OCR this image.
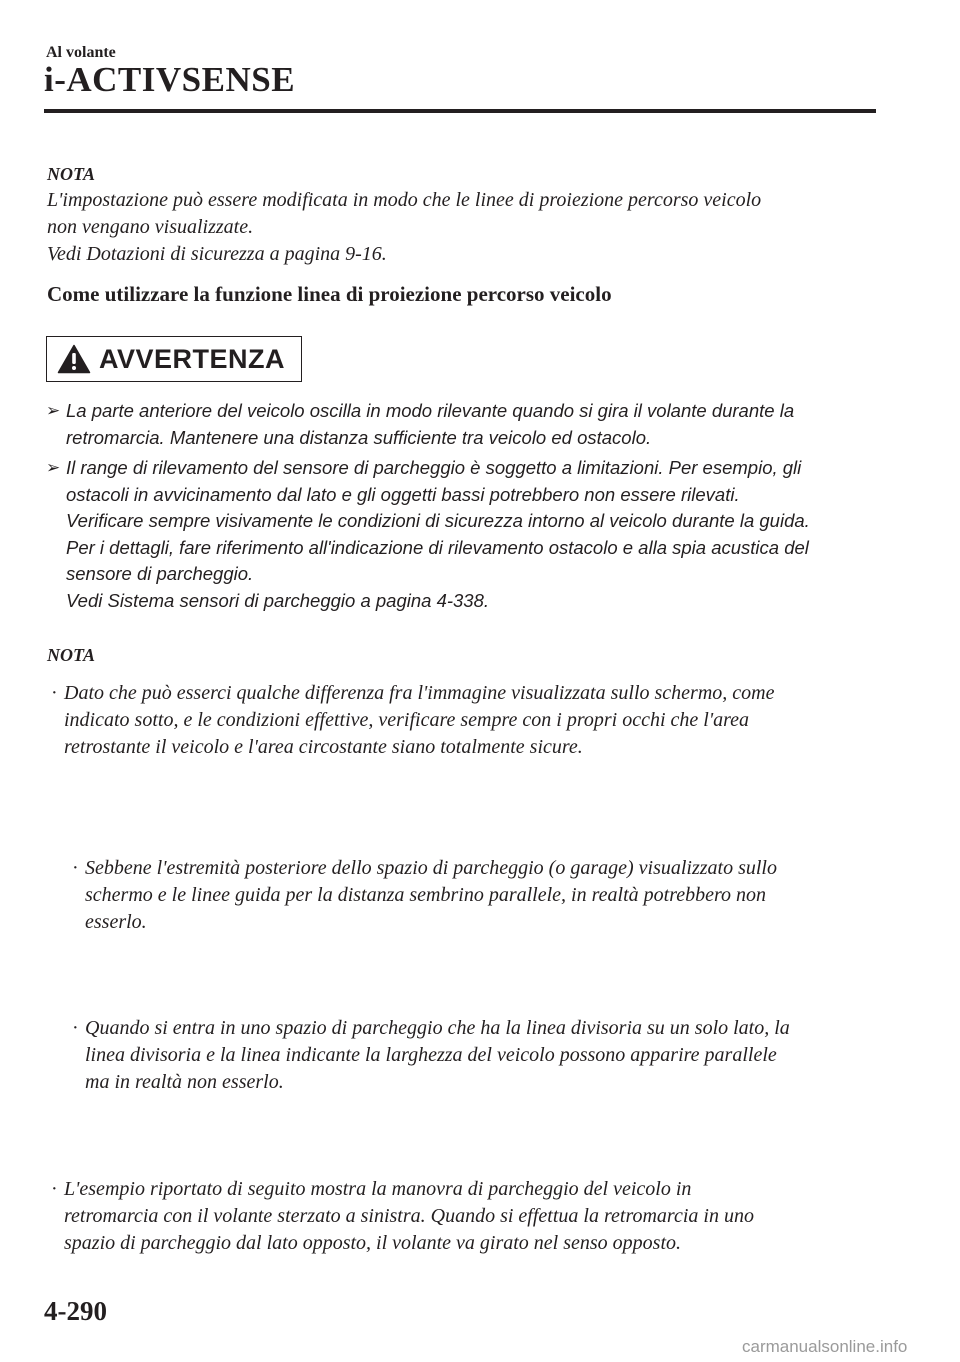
Al volante
i-ACTIVSENSE
NOTA

L'impostazione può essere modificata in modo che le linee di proiezione percorso veicolo
non vengano visualizzate.
Vedi Dotazioni di sicurezza a pagina 9-16.

Come utilizzare la funzione linea di proiezione percorso veicolo
AVVERTENZA
➢ La parte anteriore del veicolo oscilla in modo rilevante quando si gira il volante durante la
retromarcia. Mantenere una distanza sufficiente tra veicolo ed ostacolo.
➢ Il range di rilevamento del sensore di parcheggio è soggetto a limitazioni. Per esempio, gli
ostacoli in avvicinamento dal lato e gli oggetti bassi potrebbero non essere rilevati.
Verificare sempre visivamente le condizioni di sicurezza intorno al veicolo durante la guida.
Per i dettagli, fare riferimento all'indicazione di rilevamento ostacolo e alla spia acustica del
sensore di parcheggio.
Vedi Sistema sensori di parcheggio a pagina 4-338.
NOTA
· Dato che può esserci qualche differenza fra l'immagine visualizzata sullo schermo, come
indicato sotto, e le condizioni effettive, verificare sempre con i propri occhi che l'area
retrostante il veicolo e l'area circostante siano totalmente sicure.
· Sebbene l'estremità posteriore dello spazio di parcheggio (o garage) visualizzato sullo
schermo e le linee guida per la distanza sembrino parallele, in realtà potrebbero non
esserlo.
· Quando si entra in uno spazio di parcheggio che ha la linea divisoria su un solo lato, la
linea divisoria e la linea indicante la larghezza del veicolo possono apparire parallele
ma in realtà non esserlo.
· L'esempio riportato di seguito mostra la manovra di parcheggio del veicolo in
retromarcia con il volante sterzato a sinistra. Quando si effettua la retromarcia in uno
spazio di parcheggio dal lato opposto, il volante va girato nel senso opposto.
4-290
carmanualsonline.info
